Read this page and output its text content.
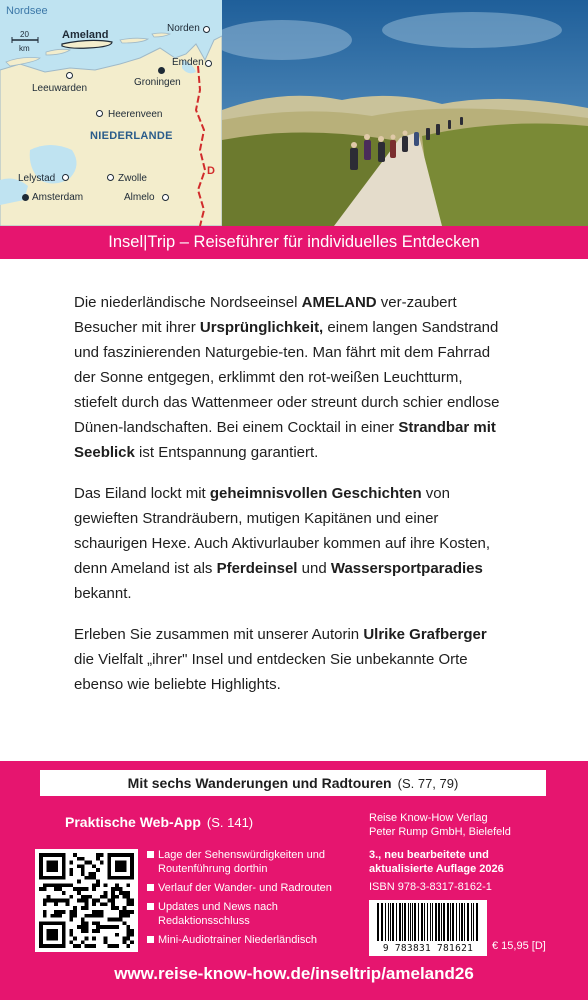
Nordsee
20
km
Ameland
Norden
Emden
Groningen
Leeuwarden
Heerenveen
NIEDERLANDE
D
Lelystad	Zwolle
Amsterdam	Almelo
Insel|Trip – Reiseführer für individuelles Entdecken

Die niederländische Nordseeinsel AMELAND ver-zaubert Besucher mit ihrer Ursprünglichkeit, einem langen Sandstrand und faszinierenden Naturgebie-ten. Man fährt mit dem Fahrrad der Sonne entgegen, erklimmt den rot-weißen Leuchtturm, stiefelt durch das Wattenmeer oder streunt durch schier endlose Dünen-landschaften. Bei einem Cocktail in einer Strandbar mit Seeblick ist Entspannung garantiert.

Das Eiland lockt mit geheimnisvollen Geschichten von gewieften Strandräubern, mutigen Kapitänen und einer schaurigen Hexe. Auch Aktivurlauber kommen auf ihre Kosten, denn Ameland ist als Pferdeinsel und Wassersportparadies bekannt.

Erleben Sie zusammen mit unserer Autorin Ulrike Grafberger die Vielfalt „ihrer" Insel und entdecken Sie unbekannte Orte ebenso wie beliebte Highlights.

Mit sechs Wanderungen und Radtouren (S. 77, 79)
Praktische Web-App (S. 141)
Lage der Sehenswürdigkeiten und Routenführung dorthin
Verlauf der Wander- und Radrouten
Updates und News nach Redaktionsschluss
Mini-Audiotrainer Niederländisch
Reise Know-How Verlag
Peter Rump GmbH, Bielefeld
3., neu bearbeitete und
aktualisierte Auflage 2026
ISBN 978-3-8317-8162-1
9 783831 781621	€ 15,95 [D]
www.reise-know-how.de/inseltrip/ameland26
